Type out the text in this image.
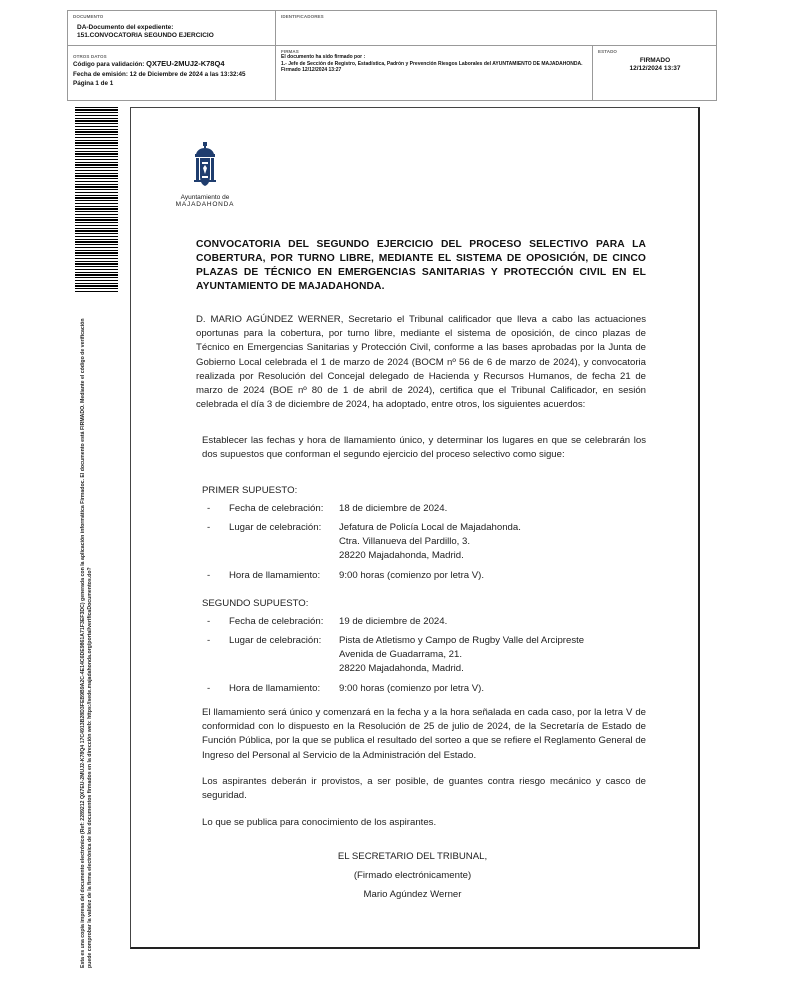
DOCUMENTO
DA-Documento del expediente: 151.CONVOCATORIA SEGUNDO EJERCICIO
IDENTIFICADORES
OTROS DATOS
Código para validación: QX7EU-2MUJ2-K78Q4
Fecha de emisión: 12 de Diciembre de 2024 a las 13:32:45
Página 1 de 1
FIRMAS
El documento ha sido firmado por :
1.- Jefe de Sección de Registro, Estadística, Padrón y Prevención Riesgos Laborales del AYUNTAMIENTO DE MAJADAHONDA. Firmado 12/12/2024 13:27
ESTADO
FIRMADO
12/12/2024 13:37
Esta es una copia impresa del documento electrónico (Ref: 2289212 QX7EU-2MUJ2-K78Q4 17C4913B28D3FEB9B9A2C-4E14C6DE9861A71F3EF3DC) generada con la aplicación informática Firmadoc. El documento está FIRMADO. Mediante el código de verificación puede comprobar la validez de la firma electrónica de los documentos firmados en la dirección web: https://sede.majadahonda.org/portal/verificaDocumentos.do?
Ayuntamiento de
MAJADAHONDA
CONVOCATORIA DEL SEGUNDO EJERCICIO DEL PROCESO SELECTIVO PARA LA COBERTURA, POR TURNO LIBRE, MEDIANTE EL SISTEMA DE OPOSICIÓN, DE CINCO PLAZAS DE TÉCNICO EN EMERGENCIAS SANITARIAS Y PROTECCIÓN CIVIL EN EL AYUNTAMIENTO DE MAJADAHONDA.
D. MARIO AGÚNDEZ WERNER, Secretario el Tribunal calificador que lleva a cabo las actuaciones oportunas para la cobertura, por turno libre, mediante el sistema de oposición, de cinco plazas de Técnico en Emergencias Sanitarias y Protección Civil, conforme a las bases aprobadas por la Junta de Gobierno Local celebrada el 1 de marzo de 2024 (BOCM nº 56 de 6 de marzo de 2024), y convocatoria realizada por Resolución del Concejal delegado de Hacienda y Recursos Humanos, de fecha 21 de marzo de 2024 (BOE nº 80 de 1 de abril de 2024), certifica que el Tribunal Calificador, en sesión celebrada el día 3 de diciembre de 2024, ha adoptado, entre otros, los siguientes acuerdos:
Establecer las fechas y hora de llamamiento único, y determinar los lugares en que se celebrarán los dos supuestos que conforman el segundo ejercicio del proceso selectivo como sigue:
PRIMER SUPUESTO:
- Fecha de celebración: 18 de diciembre de 2024.
- Lugar de celebración: Jefatura de Policía Local de Majadahonda.
Ctra. Villanueva del Pardillo, 3.
28220 Majadahonda, Madrid.
- Hora de llamamiento: 9:00 horas (comienzo por letra V).
SEGUNDO SUPUESTO:
- Fecha de celebración: 19 de diciembre de 2024.
- Lugar de celebración: Pista de Atletismo y Campo de Rugby Valle del Arcipreste
Avenida de Guadarrama, 21.
28220 Majadahonda, Madrid.
- Hora de llamamiento: 9:00 horas (comienzo por letra V).
El llamamiento será único y comenzará en la fecha y a la hora señalada en cada caso, por la letra V de conformidad con lo dispuesto en la Resolución de 25 de julio de 2024, de la Secretaría de Estado de Función Pública, por la que se publica el resultado del sorteo a que se refiere el Reglamento General de Ingreso del Personal al Servicio de la Administración del Estado.
Los aspirantes deberán ir provistos, a ser posible, de guantes contra riesgo mecánico y casco de seguridad.
Lo que se publica para conocimiento de los aspirantes.
EL SECRETARIO DEL TRIBUNAL,
(Firmado electrónicamente)
Mario Agúndez Werner
